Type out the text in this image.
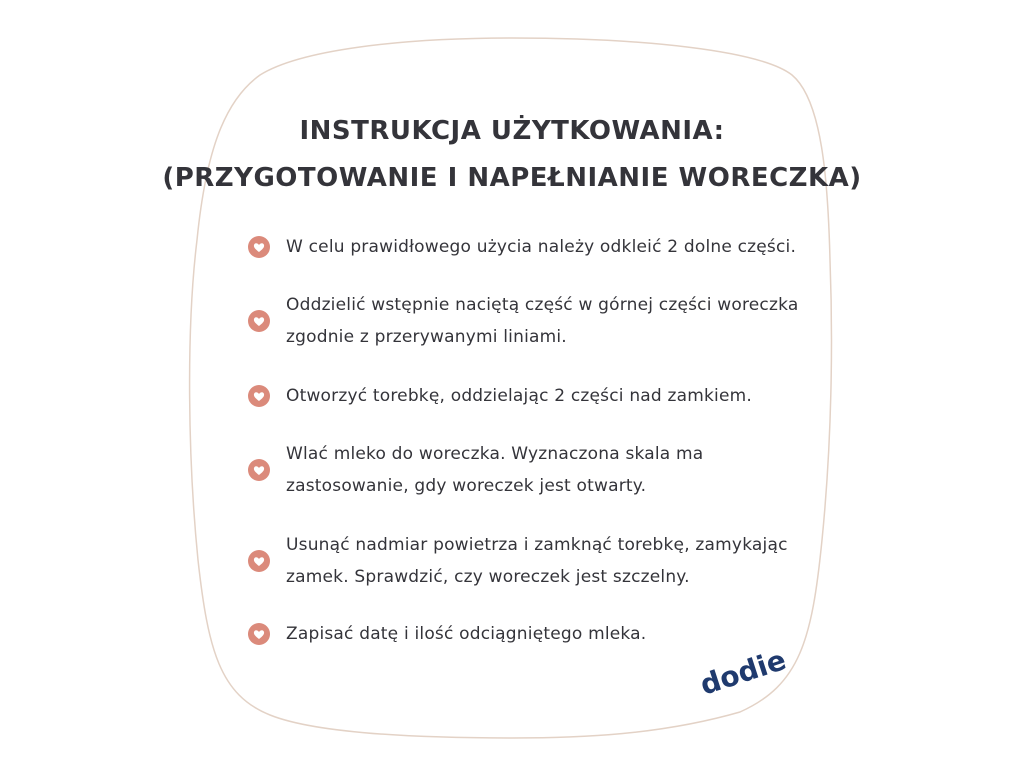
INSTRUKCJA UŻYTKOWANIA:
(PRZYGOTOWANIE I NAPEŁNIANIE WORECZKA)
W celu prawidłowego użycia należy odkleić 2 dolne części.
Oddzielić wstępnie naciętą część w górnej części woreczka
zgodnie z przerywanymi liniami.
Otworzyć torebkę, oddzielając 2 części nad zamkiem.
Wlać mleko do woreczka. Wyznaczona skala ma
zastosowanie, gdy woreczek jest otwarty.
Usunąć nadmiar powietrza i zamknąć torebkę, zamykając
zamek. Sprawdzić, czy woreczek jest szczelny.
Zapisać datę i ilość odciągniętego mleka.
dodie
